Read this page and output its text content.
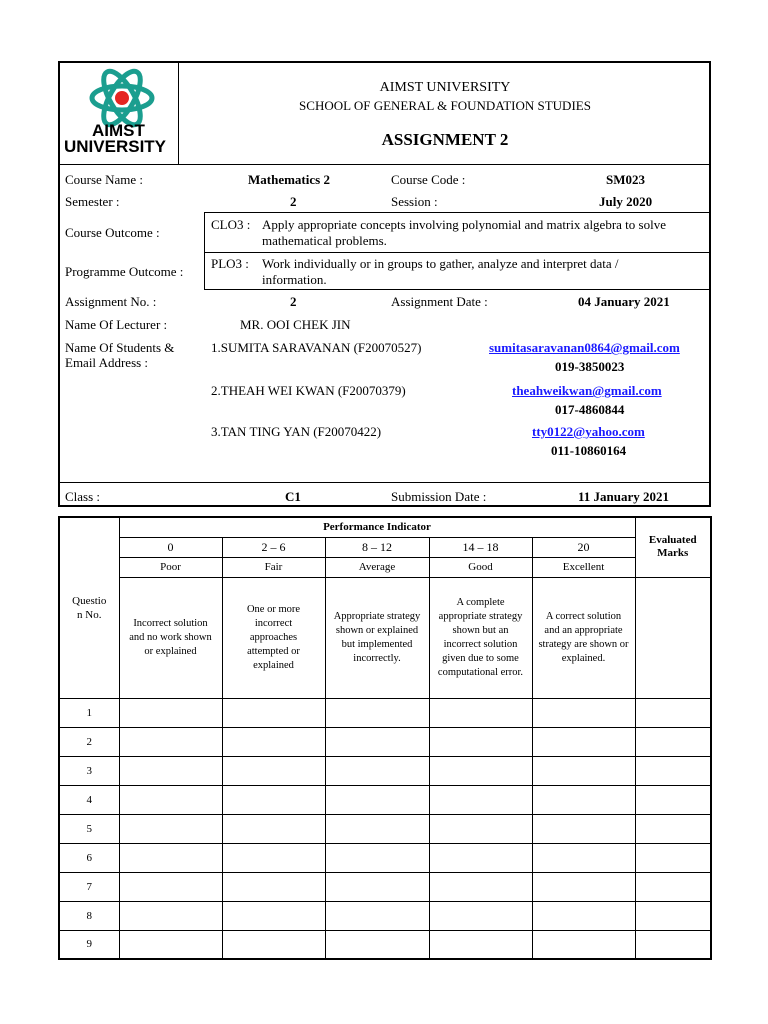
AIMST
UNIVERSITY
AIMST UNIVERSITY
SCHOOL OF GENERAL & FOUNDATION STUDIES
ASSIGNMENT 2
Course Name :	Mathematics 2	Course Code :	SM023
Semester :	2	Session :	July 2020
Course Outcome :
CLO3 : Apply appropriate concepts involving polynomial and matrix algebra to solve
mathematical problems.
Programme Outcome :
PLO3 : Work individually or in groups to gather, analyze and interpret data /
information.
Assignment No. :	2	Assignment Date :	04 January 2021
Name Of Lecturer :	MR. OOI CHEK JIN
Name Of Students &
Email Address :
1.SUMITA SARAVANAN (F20070527)	sumitasaravanan0864@gmail.com
019-3850023
2.THEAH WEI KWAN (F20070379)	theahweikwan@gmail.com
017-4860844
3.TAN TING YAN (F20070422)	tty0122@yahoo.com
011-10860164
Class :	C1	Submission Date :	11 January 2021
Questio n No.	Performance Indicator					Evaluated Marks

	0	2 – 6	8 – 12	14 – 18	20	
	Poor	Fair	Average	Good	Excellent	

	Incorrect solution and no work shown or explained	One or more incorrect approaches attempted or explained	Appropriate strategy shown or explained but implemented incorrectly.	A complete appropriate strategy shown but an incorrect solution given due to some computational error.	A correct solution and an appropriate strategy are shown or explained.	

1						
2						
3						
4						
5						
6						
7						
8						
9						
